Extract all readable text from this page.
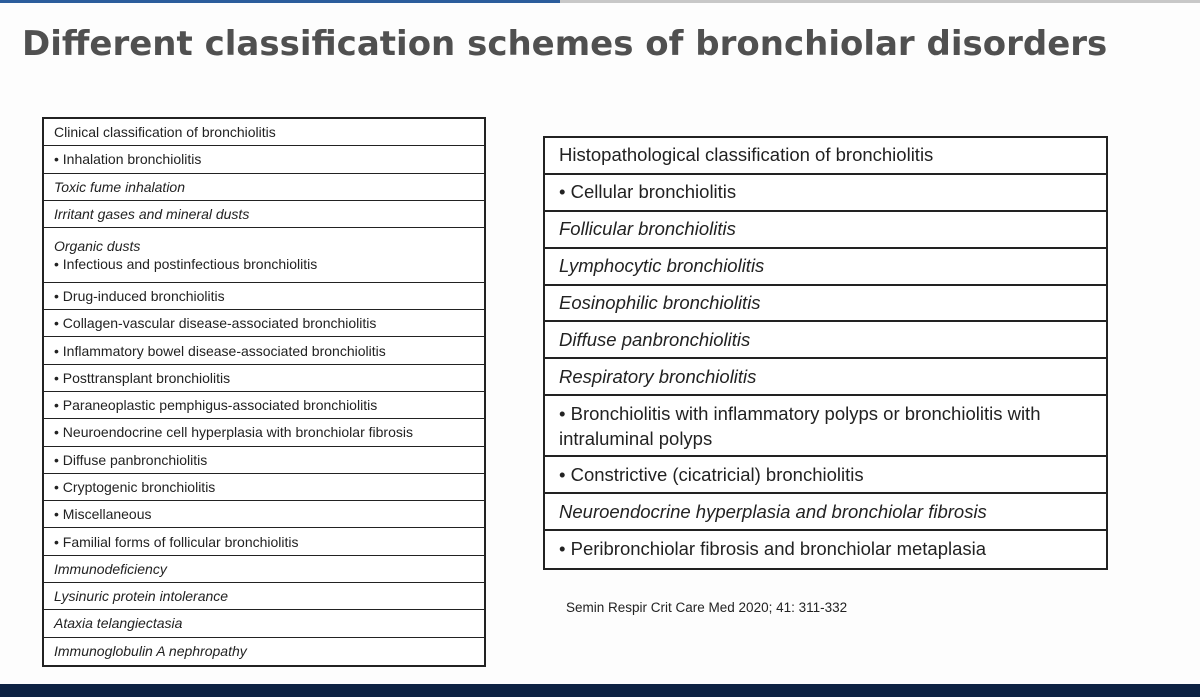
Different classification schemes of bronchiolar disorders
Clinical classification of bronchiolitis
• Inhalation bronchiolitis
Toxic fume inhalation
Irritant gases and mineral dusts
Organic dusts
• Infectious and postinfectious bronchiolitis
• Drug-induced bronchiolitis
• Collagen-vascular disease-associated bronchiolitis
• Inflammatory bowel disease-associated bronchiolitis
• Posttransplant bronchiolitis
• Paraneoplastic pemphigus-associated bronchiolitis
• Neuroendocrine cell hyperplasia with bronchiolar fibrosis
• Diffuse panbronchiolitis
• Cryptogenic bronchiolitis
• Miscellaneous
• Familial forms of follicular bronchiolitis
Immunodeficiency
Lysinuric protein intolerance
Ataxia telangiectasia
Immunoglobulin A nephropathy
Histopathological classification of bronchiolitis
• Cellular bronchiolitis
Follicular bronchiolitis
Lymphocytic bronchiolitis
Eosinophilic bronchiolitis
Diffuse panbronchiolitis
Respiratory bronchiolitis
• Bronchiolitis with inflammatory polyps or bronchiolitis with intraluminal polyps
• Constrictive (cicatricial) bronchiolitis
Neuroendocrine hyperplasia and bronchiolar fibrosis
• Peribronchiolar fibrosis and bronchiolar metaplasia
Semin Respir Crit Care Med 2020; 41: 311-332
